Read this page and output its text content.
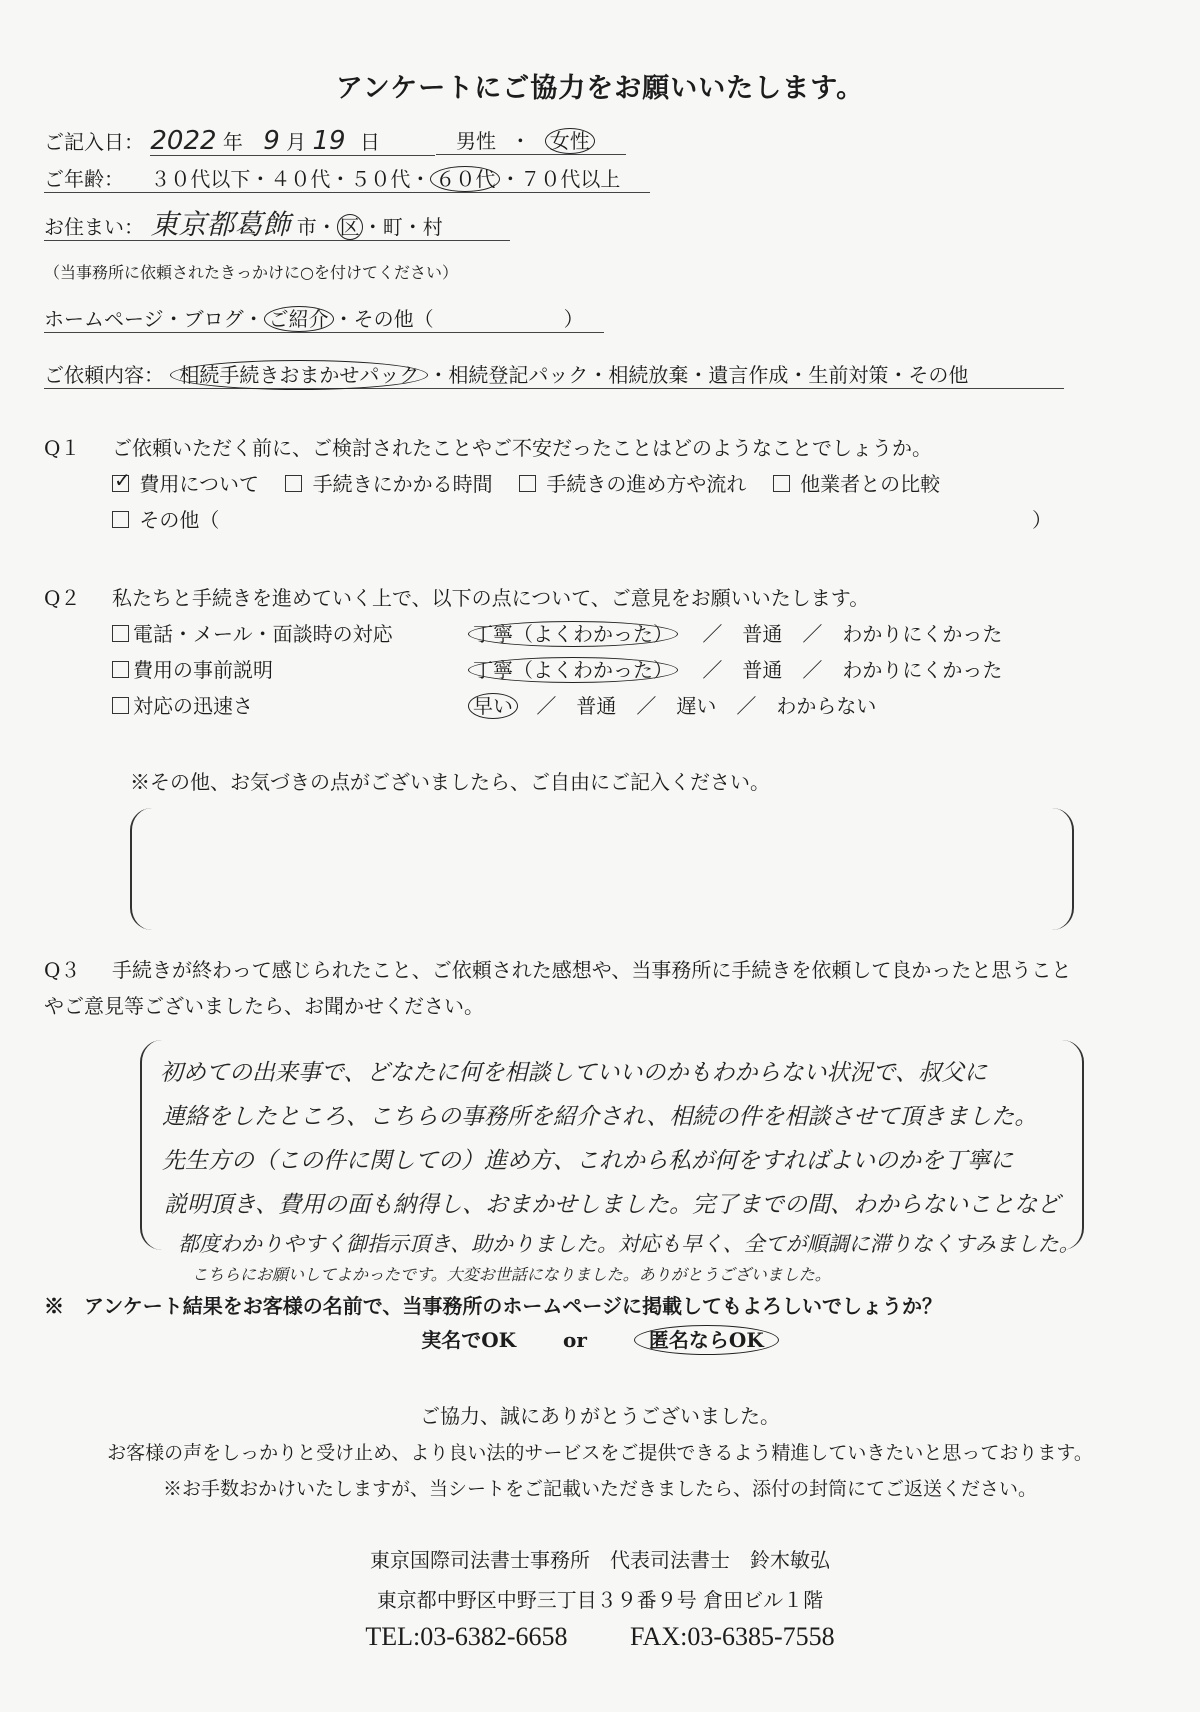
アンケートにご協力をお願いいたします。
ご記入日： 2022 年 9 月 19 日	男性 ・ 女性
ご年齢： ３０代以下・４０代・５０代・ ６０代 ・７０代以上
お住まい： 東京都葛飾 市・ 区 ・町・村
（当事務所に依頼されたきっかけに○を付けてください）
ホームページ・ブログ・ ご紹介 ・その他（	）
ご依頼内容： 相続手続きおまかせパック ・相続登記パック・相続放棄・遺言作成・生前対策・その他
Q１ ご依頼いただく前に、ご検討されたことやご不安だったことはどのようなことでしょうか。
✓ 費用について	手続きにかかる時間	手続きの進め方や流れ	他業者との比較
その他（	）
Q２ 私たちと手続きを進めていく上で、以下の点について、ご意見をお願いいたします。
電話・メール・面談時の対応	丁寧（よくわかった） ／　普通　／　わかりにくかった
費用の事前説明	丁寧（よくわかった） ／　普通　／　わかりにくかった
対応の迅速さ	早い ／　普通　／　遅い　／　わからない
※その他、お気づきの点がございましたら、ご自由にご記入ください。
Q３ 手続きが終わって感じられたこと、ご依頼された感想や、当事務所に手続きを依頼して良かったと思うこと
やご意見等ございましたら、お聞かせください。
初めての出来事で、どなたに何を相談していいのかもわからない状況で、叔父に
連絡をしたところ、こちらの事務所を紹介され、相続の件を相談させて頂きました。
先生方の（この件に関しての）進め方、これから私が何をすればよいのかを丁寧に
説明頂き、費用の面も納得し、おまかせしました。完了までの間、わからないことなど
都度わかりやすく御指示頂き、助かりました。対応も早く、全てが順調に滞りなくすみました。
こちらにお願いしてよかったです。大変お世話になりました。ありがとうございました。
※　アンケート結果をお客様の名前で、当事務所のホームページに掲載してもよろしいでしょうか？
実名でOK or	匿名ならOK
ご協力、誠にありがとうございました。
お客様の声をしっかりと受け止め、より良い法的サービスをご提供できるよう精進していきたいと思っております。
※お手数おかけいたしますが、当シートをご記載いただきましたら、添付の封筒にてご返送ください。
東京国際司法書士事務所　代表司法書士　鈴木敏弘
東京都中野区中野三丁目３９番９号 倉田ビル１階
TEL:03-6382-6658 FAX:03-6385-7558
